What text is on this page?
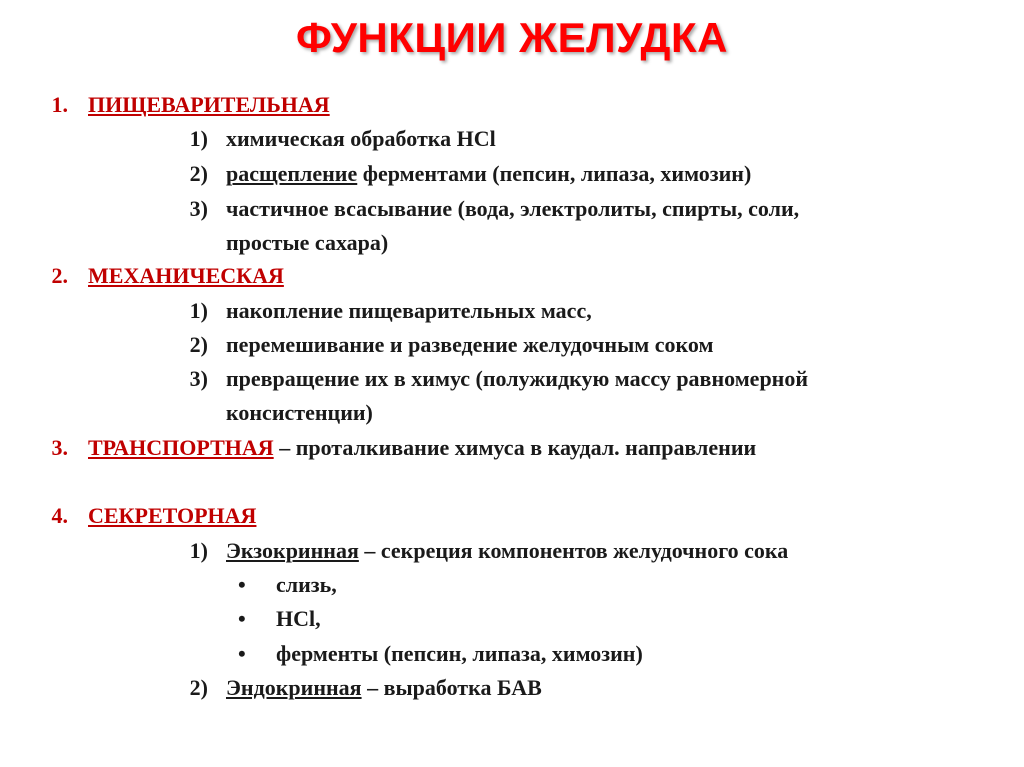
ФУНКЦИИ ЖЕЛУДКА
1. ПИЩЕВАРИТЕЛЬНАЯ
1) химическая обработка HCl
2) расщепление ферментами (пепсин, липаза, химозин)
3) частичное всасывание (вода, электролиты, спирты, соли,
простые сахара)
2. МЕХАНИЧЕСКАЯ
1) накопление пищеварительных масс,
2) перемешивание и разведение желудочным соком
3) превращение их в химус (полужидкую массу равномерной
консистенции)
3. ТРАНСПОРТНАЯ – проталкивание химуса в каудал. направлении
4. СЕКРЕТОРНАЯ
1) Экзокринная – секреция компонентов желудочного сока
• слизь,
• HCl,
• ферменты (пепсин, липаза, химозин)
2) Эндокринная – выработка БАВ
